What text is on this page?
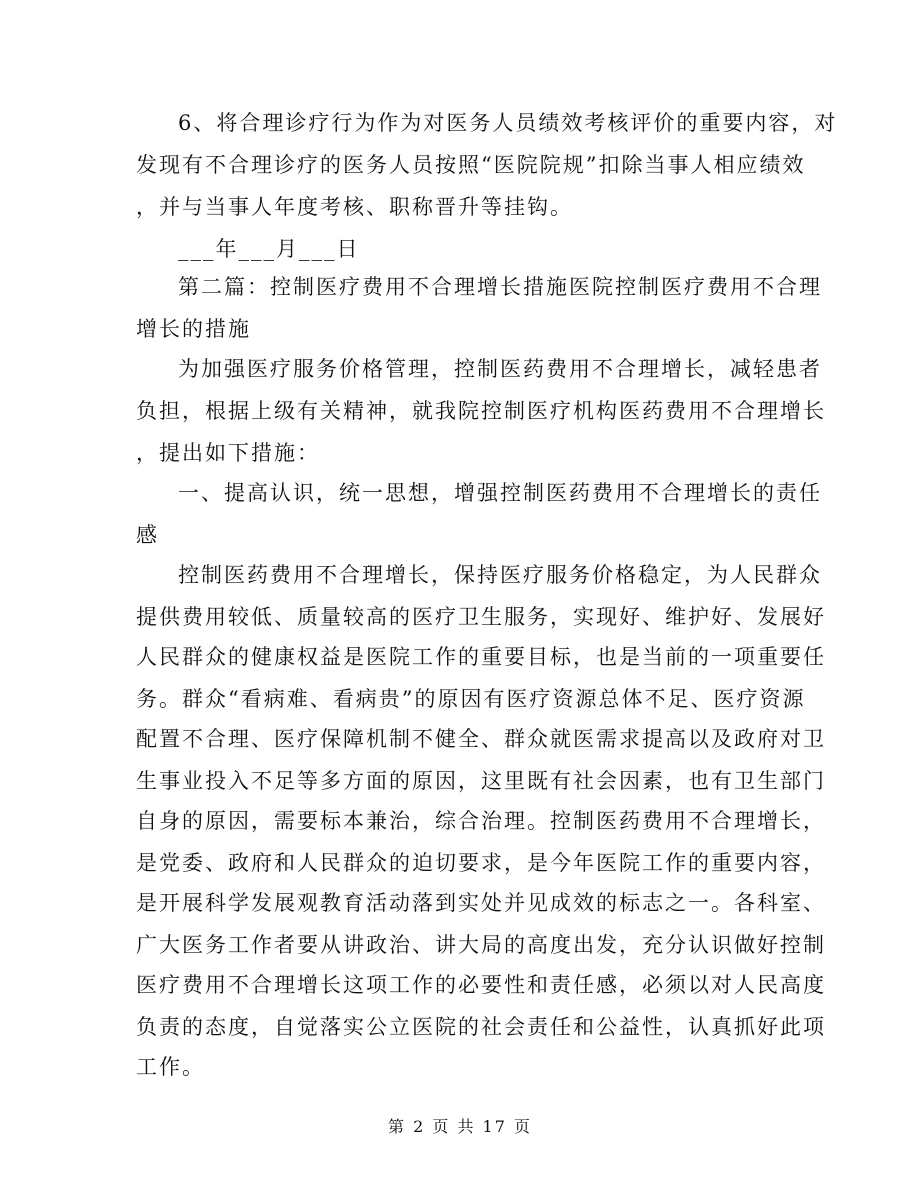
6、将合理诊疗行为作为对医务人员绩效考核评价的重要内容，对
发现有不合理诊疗的医务人员按照“医院院规”扣除当事人相应绩效
，并与当事人年度考核、职称晋升等挂钩。
___年___月___日
第二篇：控制医疗费用不合理增长措施医院控制医疗费用不合理
增长的措施
为加强医疗服务价格管理，控制医药费用不合理增长，减轻患者
负担，根据上级有关精神，就我院控制医疗机构医药费用不合理增长
，提出如下措施：
一、提高认识，统一思想，增强控制医药费用不合理增长的责任
感
控制医药费用不合理增长，保持医疗服务价格稳定，为人民群众
提供费用较低、质量较高的医疗卫生服务，实现好、维护好、发展好
人民群众的健康权益是医院工作的重要目标，也是当前的一项重要任
务。群众“看病难、看病贵”的原因有医疗资源总体不足、医疗资源
配置不合理、医疗保障机制不健全、群众就医需求提高以及政府对卫
生事业投入不足等多方面的原因，这里既有社会因素，也有卫生部门
自身的原因，需要标本兼治，综合治理。控制医药费用不合理增长，
是党委、政府和人民群众的迫切要求，是今年医院工作的重要内容，
是开展科学发展观教育活动落到实处并见成效的标志之一。各科室、
广大医务工作者要从讲政治、讲大局的高度出发，充分认识做好控制
医疗费用不合理增长这项工作的必要性和责任感，必须以对人民高度
负责的态度，自觉落实公立医院的社会责任和公益性，认真抓好此项
工作。
第 2 页 共 17 页
